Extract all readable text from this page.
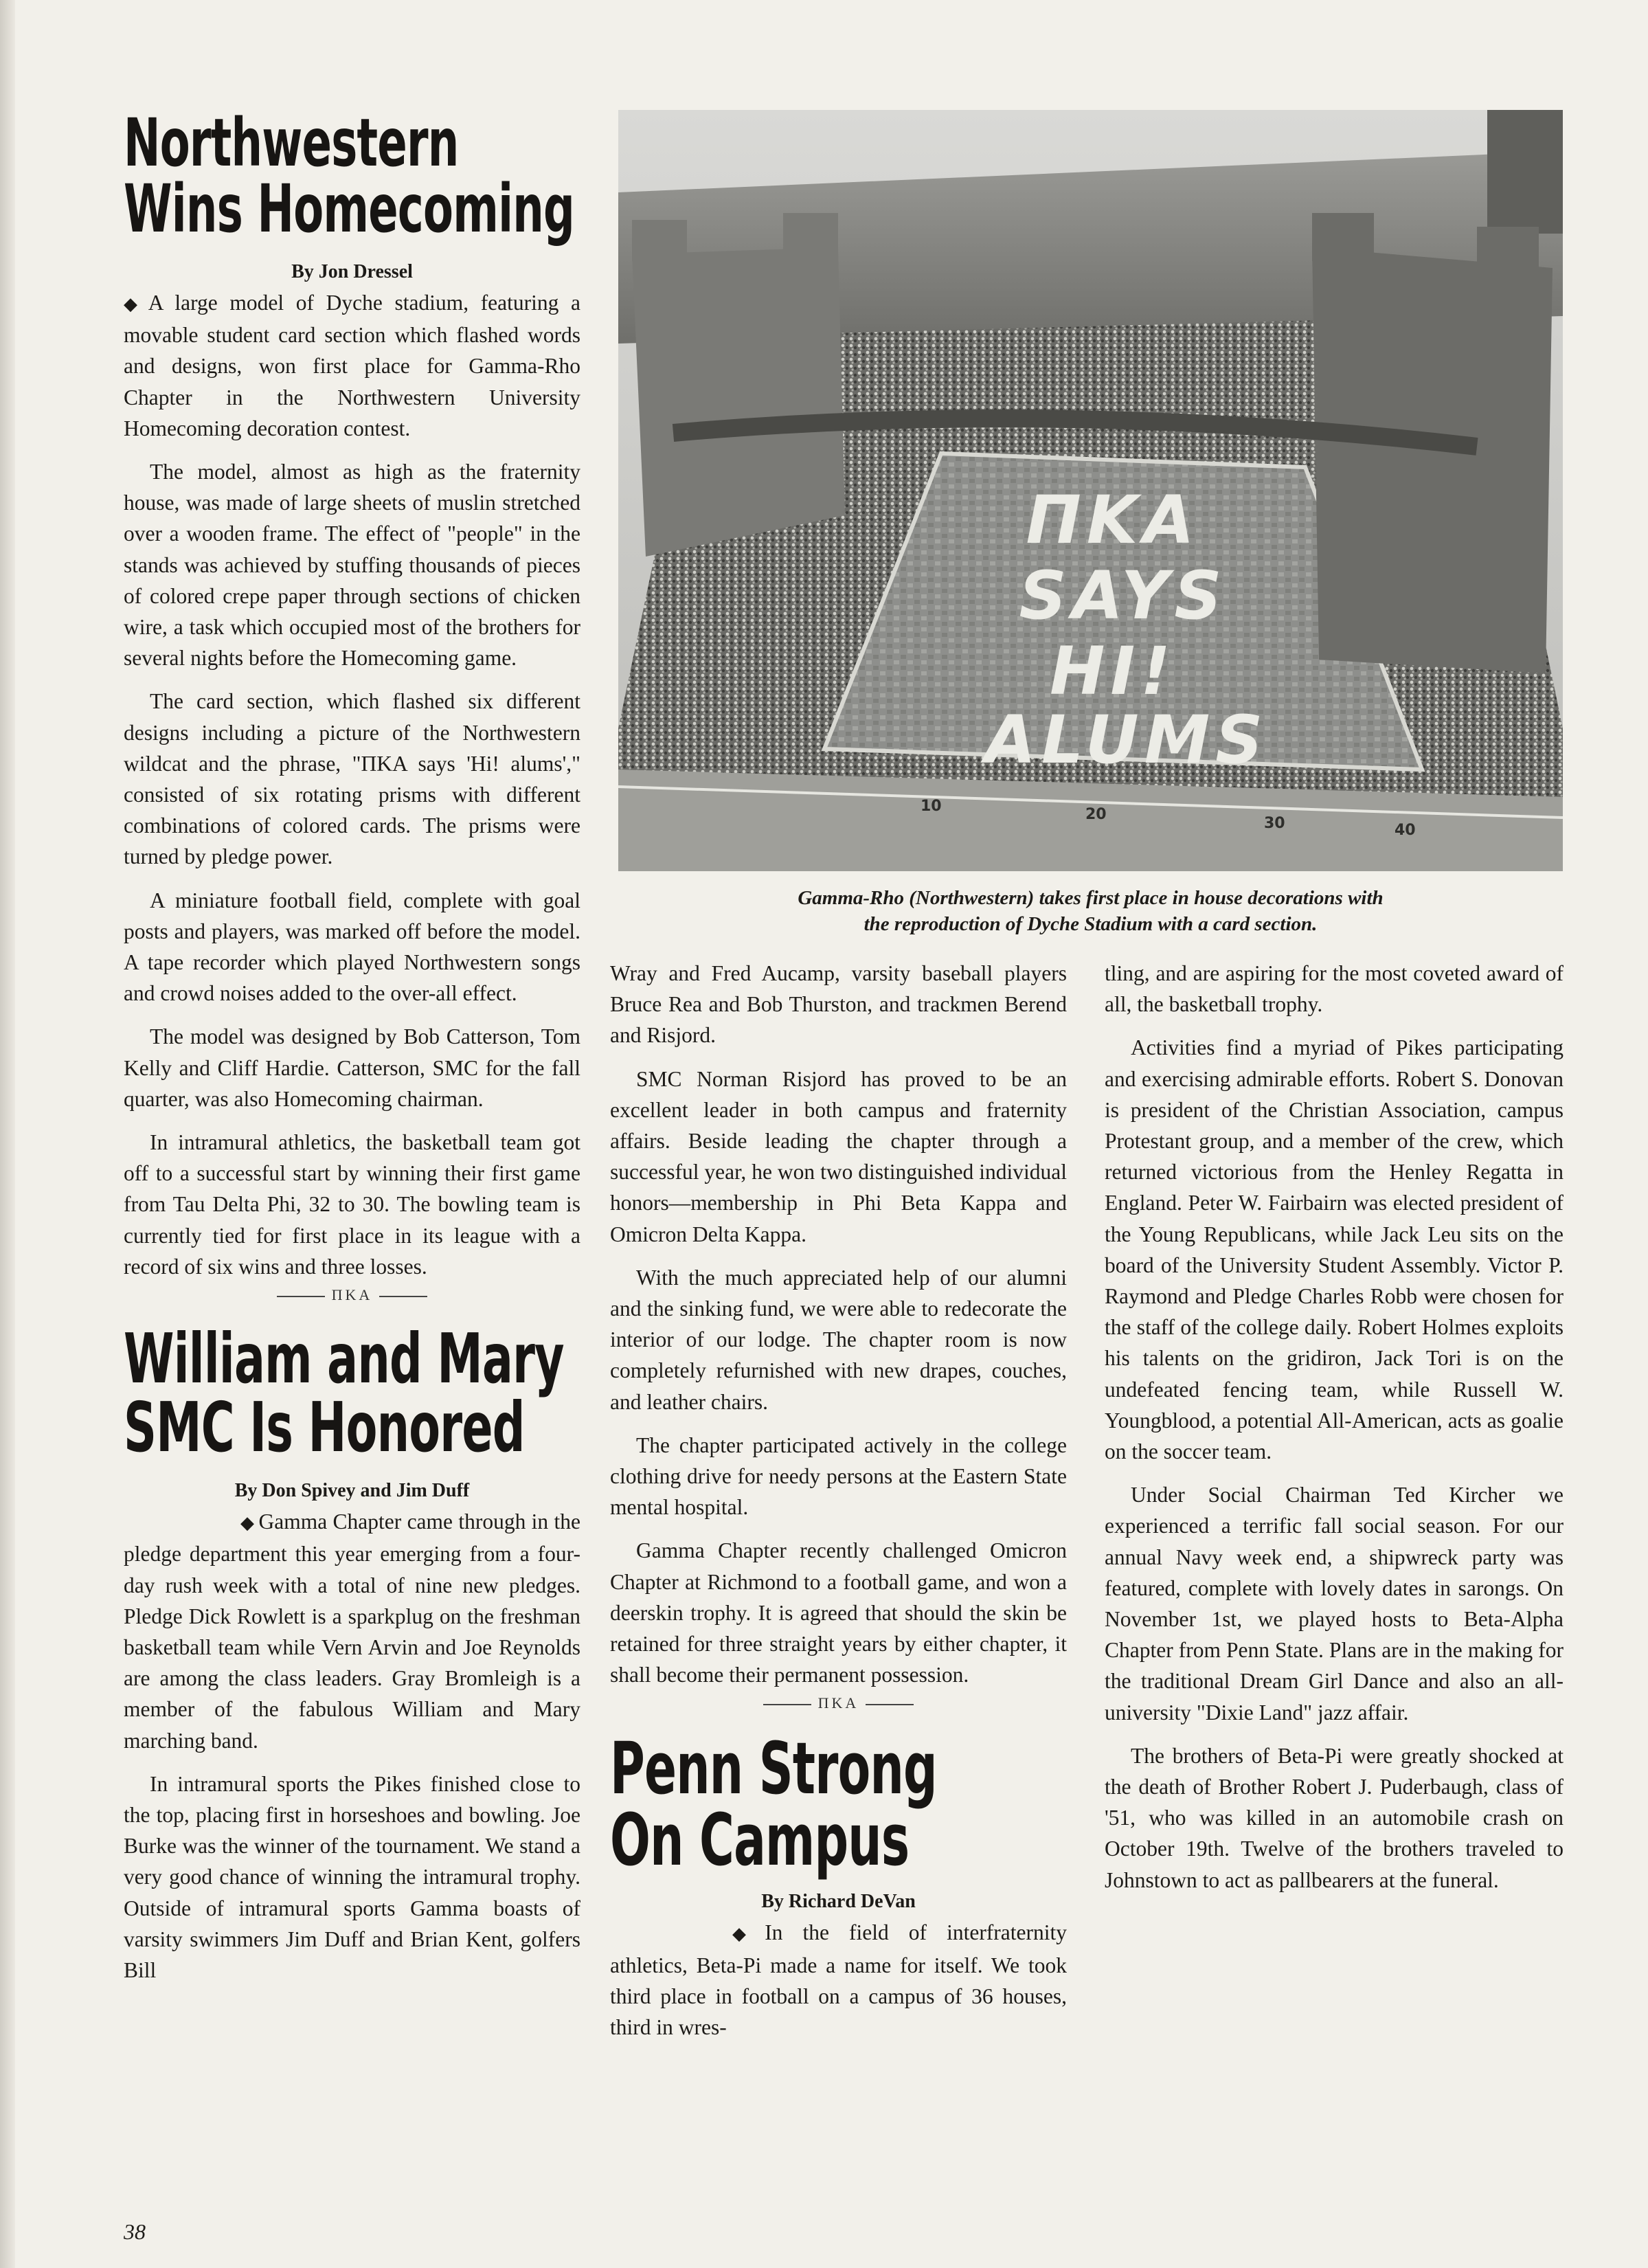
Northwestern
Wins Homecoming

By Jon Dressel

◆ A large model of Dyche stadium, featuring a movable student card section which flashed words and designs, won first place for Gamma-Rho Chapter in the Northwestern University Homecoming decoration contest.

The model, almost as high as the fraternity house, was made of large sheets of muslin stretched over a wooden frame. The effect of "people" in the stands was achieved by stuffing thousands of pieces of colored crepe paper through sections of chicken wire, a task which occupied most of the brothers for several nights before the Homecoming game.

The card section, which flashed six different designs including a picture of the Northwestern wildcat and the phrase, "ΠΚΑ says 'Hi! alums'," consisted of six rotating prisms with different combinations of colored cards. The prisms were turned by pledge power.

A miniature football field, complete with goal posts and players, was marked off before the model. A tape recorder which played Northwestern songs and crowd noises added to the over-all effect.

The model was designed by Bob Catterson, Tom Kelly and Cliff Hardie. Catterson, SMC for the fall quarter, was also Homecoming chairman.

In intramural athletics, the basketball team got off to a successful start by winning their first game from Tau Delta Phi, 32 to 30. The bowling team is currently tied for first place in its league with a record of six wins and three losses.

ΠΚΑ
William and Mary
SMC Is Honored

By Don Spivey and Jim Duff

◆ Gamma Chapter came through in the pledge department this year emerging from a four-day rush week with a total of nine new pledges. Pledge Dick Rowlett is a sparkplug on the freshman basketball team while Vern Arvin and Joe Reynolds are among the class leaders. Gray Bromleigh is a member of the fabulous William and Mary marching band.

In intramural sports the Pikes finished close to the top, placing first in horseshoes and bowling. Joe Burke was the winner of the tournament. We stand a very good chance of winning the intramural trophy. Outside of intramural sports Gamma boasts of varsity swimmers Jim Duff and Brian Kent, golfers Bill

ΠΚΑ
SAYS
HI!
ALUMS
10	20
30	40
Gamma-Rho (Northwestern) takes first place in house decorations with
the reproduction of Dyche Stadium with a card section.

Wray and Fred Aucamp, varsity baseball players Bruce Rea and Bob Thurston, and trackmen Berend and Risjord.

SMC Norman Risjord has proved to be an excellent leader in both campus and fraternity affairs. Beside leading the chapter through a successful year, he won two distinguished individual honors—membership in Phi Beta Kappa and Omicron Delta Kappa.

With the much appreciated help of our alumni and the sinking fund, we were able to redecorate the interior of our lodge. The chapter room is now completely refurnished with new drapes, couches, and leather chairs.

The chapter participated actively in the college clothing drive for needy persons at the Eastern State mental hospital.

Gamma Chapter recently challenged Omicron Chapter at Richmond to a football game, and won a deerskin trophy. It is agreed that should the skin be retained for three straight years by either chapter, it shall become their permanent possession.

ΠΚΑ
Penn Strong
On Campus

By Richard DeVan

◆ In the field of interfraternity athletics, Beta-Pi made a name for itself. We took third place in football on a campus of 36 houses, third in wres-

tling, and are aspiring for the most coveted award of all, the basketball trophy.

Activities find a myriad of Pikes participating and exercising admirable efforts. Robert S. Donovan is president of the Christian Association, campus Protestant group, and a member of the crew, which returned victorious from the Henley Regatta in England. Peter W. Fairbairn was elected president of the Young Republicans, while Jack Leu sits on the board of the University Student Assembly. Victor P. Raymond and Pledge Charles Robb were chosen for the staff of the college daily. Robert Holmes exploits his talents on the gridiron, Jack Tori is on the undefeated fencing team, while Russell W. Youngblood, a potential All-American, acts as goalie on the soccer team.

Under Social Chairman Ted Kircher we experienced a terrific fall social season. For our annual Navy week end, a shipwreck party was featured, complete with lovely dates in sarongs. On November 1st, we played hosts to Beta-Alpha Chapter from Penn State. Plans are in the making for the traditional Dream Girl Dance and also an all-university "Dixie Land" jazz affair.

The brothers of Beta-Pi were greatly shocked at the death of Brother Robert J. Puderbaugh, class of '51, who was killed in an automobile crash on October 19th. Twelve of the brothers traveled to Johnstown to act as pallbearers at the funeral.

38
